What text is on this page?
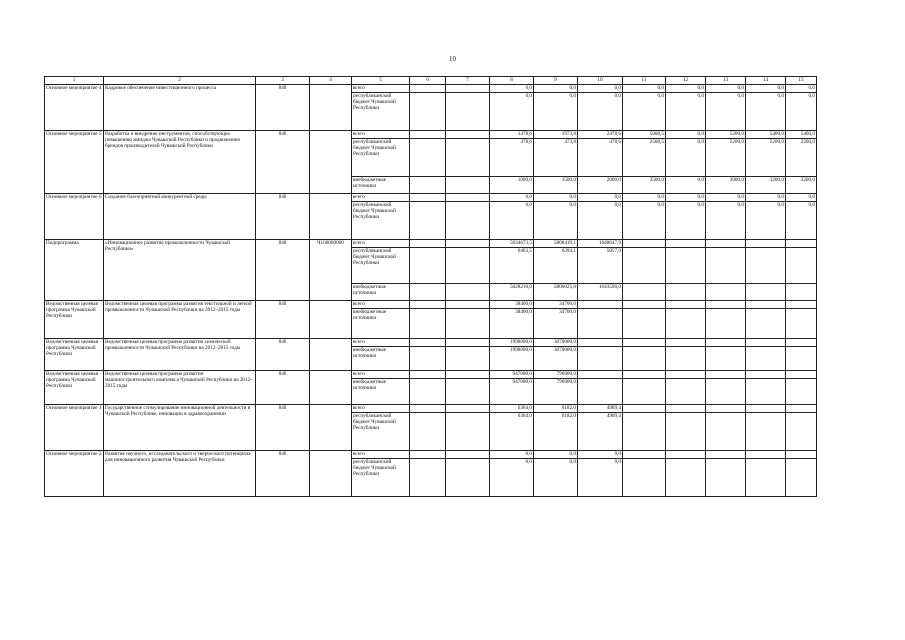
10
1	2	3	4	5	6	7	8	9	10	11	12	13	14	15
Основное мероприятие 4	Кадровое обеспечение инвестиционного процесса	840		всего			0,0	0,0	0,0	0,0	0,0	0,0	0,0	0,0
				республиканский бюджет Чувашской Республики			0,0	0,0	0,0	0,0	0,0	0,0	0,0	0,0
Основное мероприятие 5	Разработка и внедрение инструментов, способствующих повышению имиджа Чувашской Республики и продвижению брендов производителей Чувашской Республики	840		всего			1478,6	1973,8	2478,6	5000,5	0,0	5200,0	5400,0	5400,0
				республиканский бюджет Чувашской Республики			478,6	473,8	478,6	2500,5	0,0	2200,0	2200,0	2200,0
				внебюджетные источники			1000,0	1500,0	2000,0	2500,0	0,0	3000,0	3200,0	3200,0
Основное мероприятие 6	Создание благоприятной конкурентной среды	840		всего			0,0	0,0	0,0	0,0	0,0	0,0	0,0	0,0
				республиканский бюджет Чувашской Республики			0,0	0,0	0,0	0,0	0,0	0,0	0,0	0,0
Подпрограмма	«Инновационное развитие промышленности Чувашской Республики»	840	Ч160000000	всего			5634673,5	5806419,1	1648647,9					
				республиканский бюджет Чувашской Республики			6463,5	6394,1	5057,9					
				внебюджетные источники			5628210,0	5800025,0	1643590,0					
Ведомственная целевая программа Чувашской Республики	Ведомственная целевая программа развития текстильной и легкой промышленности Чувашской Республики на 2012–2015 годы	840		всего			38400,0	34700,0						
				внебюджетные источники			38400,0	34700,0						
Ведомственная целевая программа Чувашской Республики	Ведомственная целевая программа развития химической промышленности Чувашской Республики на 2012–2015 годы	840		всего			1998090,0	3070000,0						
				внебюджетные источники			1998090,0	3070000,0						
Ведомственная целевая программа Чувашской Республики	Ведомственная целевая программа развития машиностроительного комплекса Чувашской Республики на 2012–2015 годы	840		всего			947000,0	796900,0						
				внебюджетные источники			947000,0	796900,0						
Основное мероприятие 1	Государственное стимулирование инновационной деятельности в Чувашской Республике, инновации в здравоохранении	840		всего			6364,0	6182,0	4909,4					
				республиканский бюджет Чувашской Республики			6364,0	6182,0	4909,4					
Основное мероприятие 2	Развитие научного, исследовательского и творческого потенциала для инновационного развития Чувашской Республики	840		всего			0,0	0,0	0,0					
				республиканский бюджет Чувашской Республики			0,0	0,0	0,0					
